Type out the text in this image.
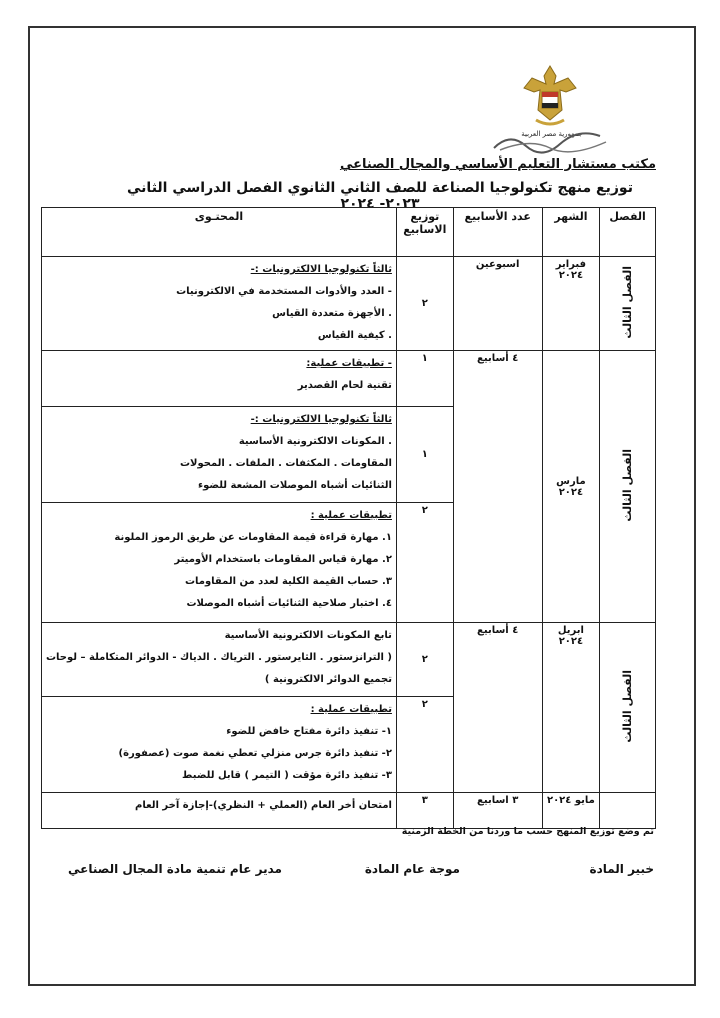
جمهورية مصر العربية
مكتب مستشار التعليم الأساسي والمجال الصناعي
توزيع منهج تكنولوجيا الصناعة للصف الثاني الثانوي الفصل الدراسي الثاني ٢٠٢٣- ٢٠٢٤
الفصل	الشهر	عدد الأسابيع	توزيع الاسابيع	المحتـوى
الفصل الثالث	فبراير ٢٠٢٤	اسبوعين	٢	ثالثاً تكنولوجيا الالكترونيات :-
- العدد والأدوات المستخدمة في الالكترونيات
. الأجهزة متعددة القياس
. كيفية القياس

الفصل الثالث	مارس ٢٠٢٤	٤ أسابيع	١	- تطبيقات عملية:
تقنية لحام القصدير

			١	ثالثاً تكنولوجيا الالكترونيات :-
. المكونات الالكترونية الأساسية
المقاومات . المكثفات . الملفات . المحولات
الثنائيات أشباه الموصلات المشعة للضوء

			٢	تطبيقات عملية :
١. مهارة قراءة قيمة المقاومات عن طريق الرموز الملونة
٢. مهارة قياس المقاومات باستخدام الأوميتر
٣. حساب القيمة الكلية لعدد من المقاومات
٤. اختبار صلاحية الثنائيات أشباه الموصلات

الفصل الثالث	ابريل ٢٠٢٤	٤ أسابيع	٢	تابع المكونات الالكترونية الأساسية
( الترانزستور . الثايرستور . الترياك . الدياك - الدوائر المتكاملة – لوحات
تجميع الدوائر الالكترونية )

			٢	تطبيقات عملية :
١- تنفيذ دائرة مفتاح خافض للضوء
٢- تنفيذ دائرة جرس منزلي تعطي نغمة صوت (عصفورة)
٣- تنفيذ دائرة مؤقت ( التيمر ) قابل للضبط

	مايو ٢٠٢٤	٣ اسابيع	٣	امتحان أخر العام (العملي + النظري)-إجازة آخر العام
تم وضع توزيع المنهج حسب ما وردنا من الخطة الزمنية
خبير المادة
موجة عام المادة
مدير عام تنمية مادة المجال الصناعي
